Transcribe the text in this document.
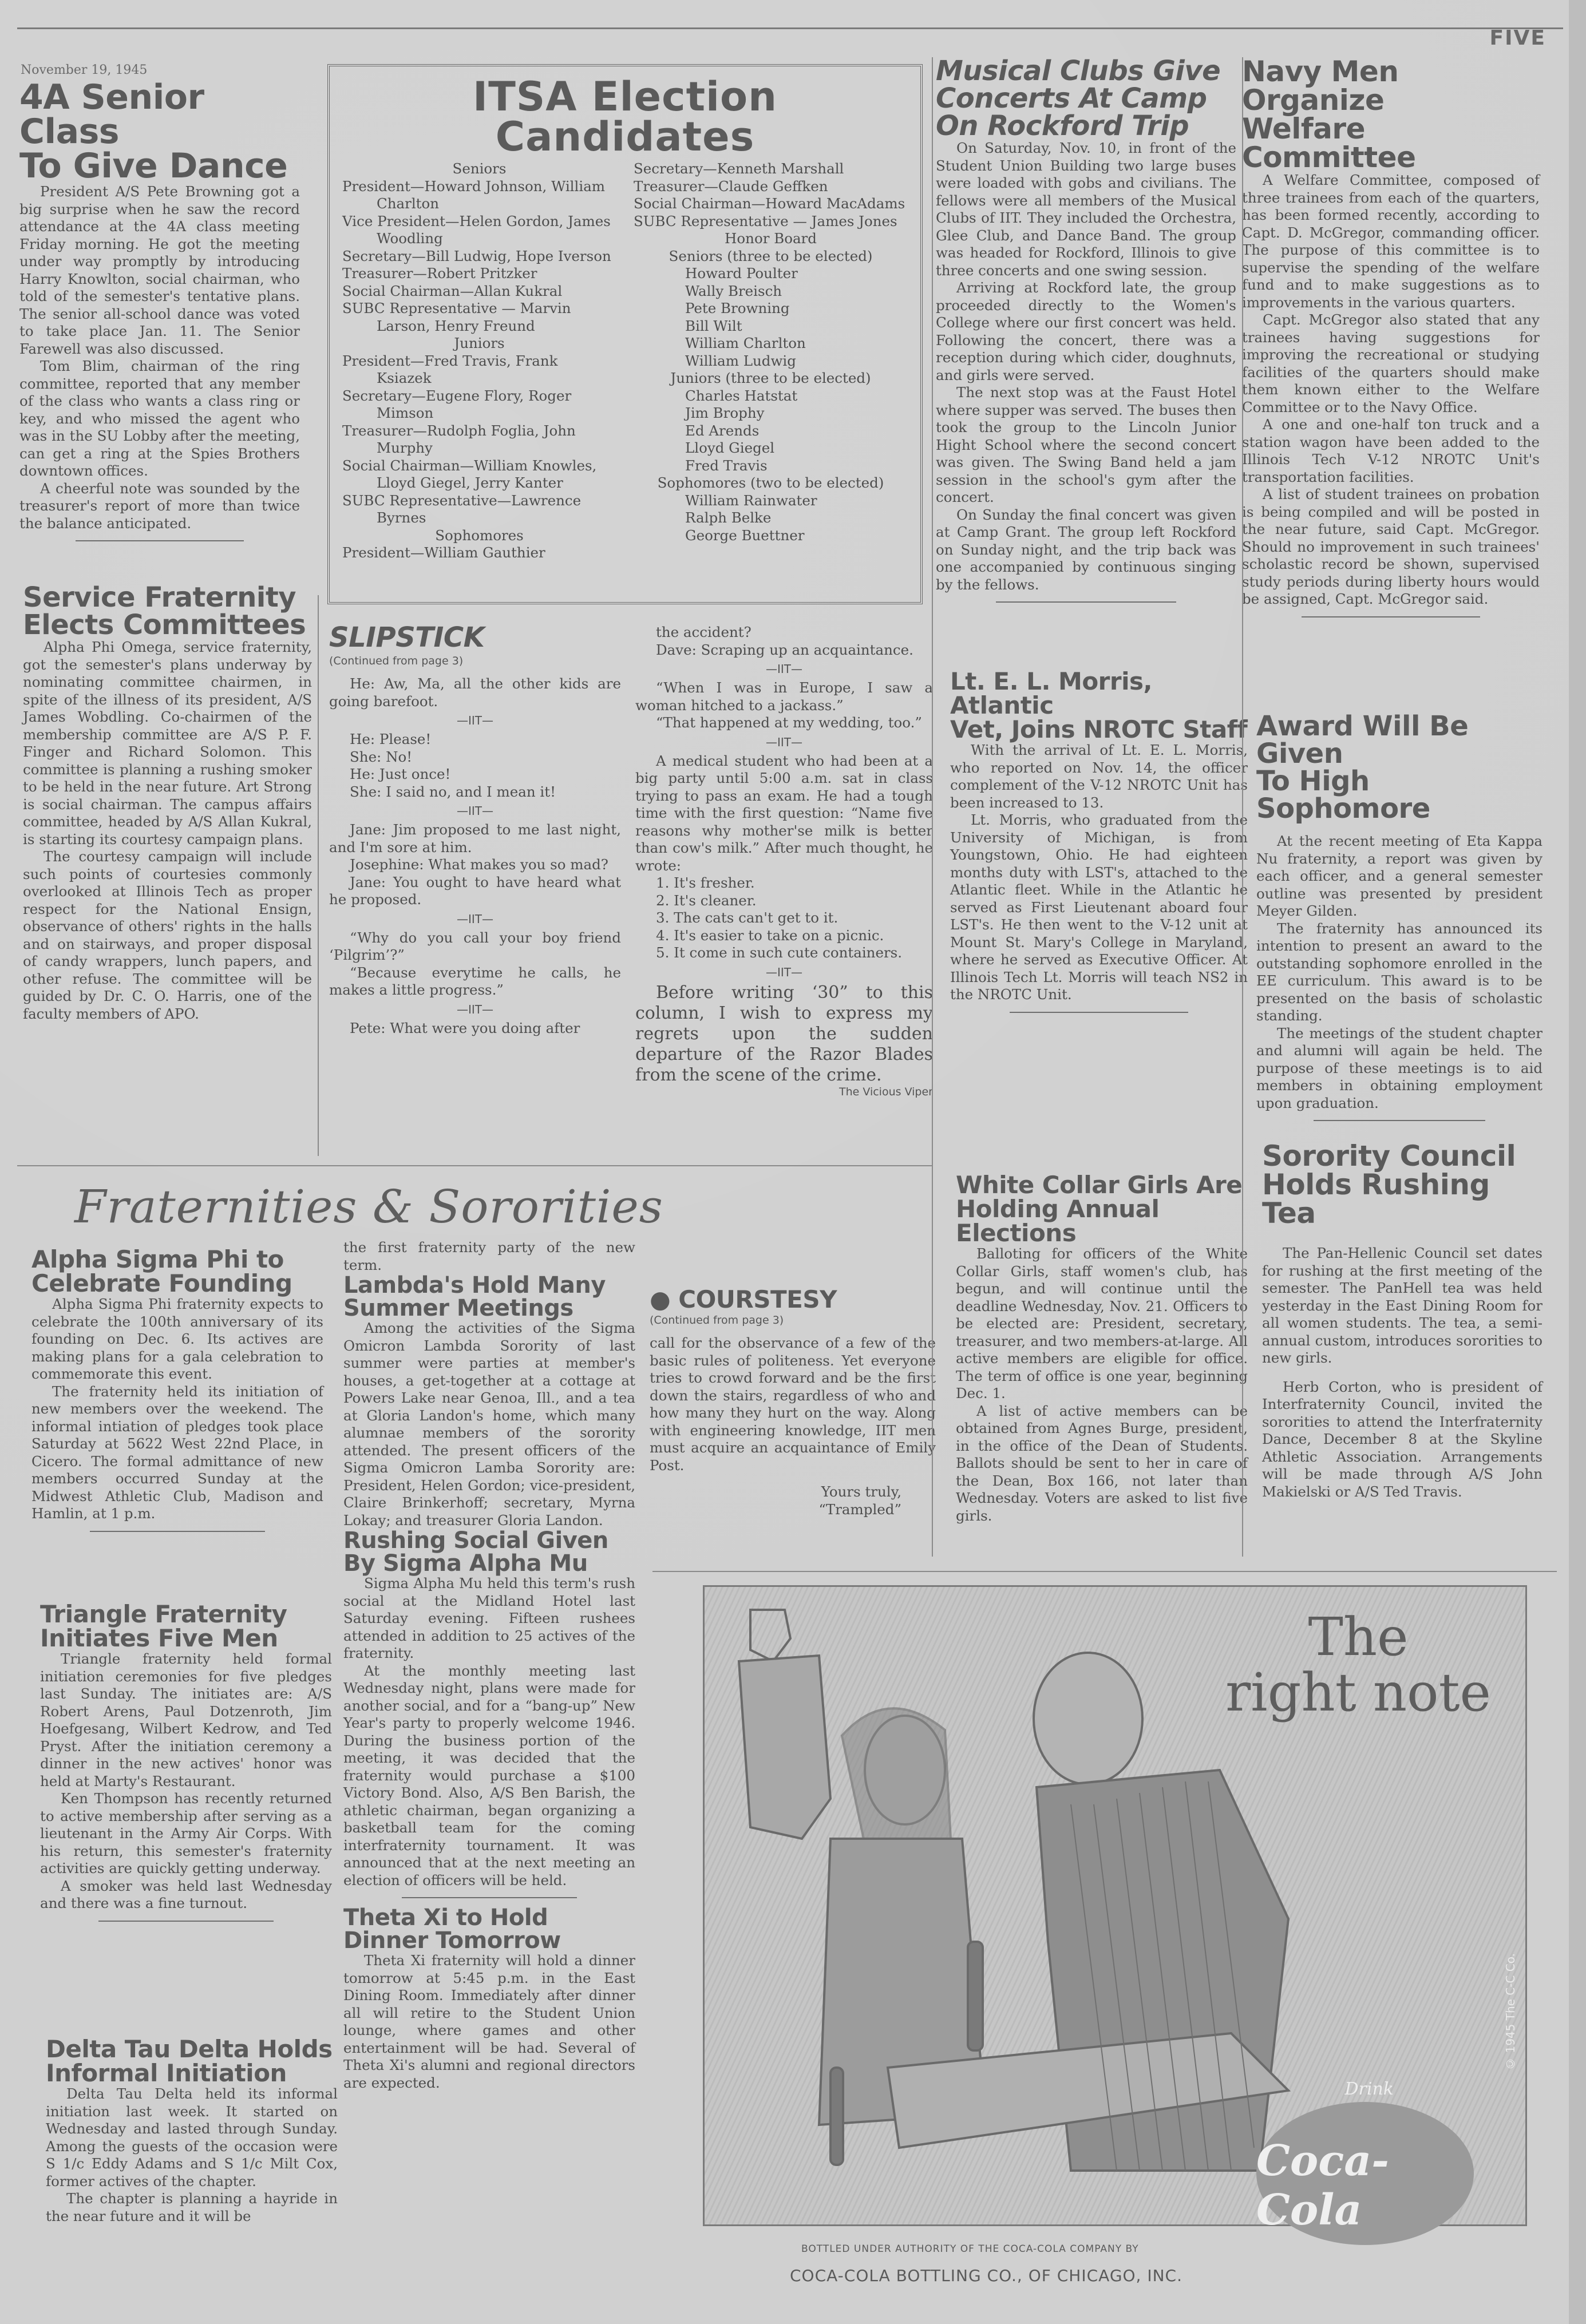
November 19, 1945
FIVE
4A Senior Class
To Give Dance

President A/S Pete Browning got a big surprise when he saw the record attendance at the 4A class meeting Friday morning. He got the meeting under way promptly by introducing Harry Knowlton, social chairman, who told of the semester's tentative plans. The senior all-school dance was voted to take place Jan. 11. The Senior Farewell was also discussed.

Tom Blim, chairman of the ring committee, reported that any member of the class who wants a class ring or key, and who missed the agent who was in the SU Lobby after the meeting, can get a ring at the Spies Brothers downtown offices.

A cheerful note was sounded by the treasurer's report of more than twice the balance anticipated.

Service Fraternity
Elects Committees

Alpha Phi Omega, service fraternity, got the semester's plans underway by nominating committee chairmen, in spite of the illness of its president, A/S James Wobdling. Co-chairmen of the membership committee are A/S P. F. Finger and Richard Solomon. This committee is planning a rushing smoker to be held in the near future. Art Strong is social chairman. The campus affairs committee, headed by A/S Allan Kukral, is starting its courtesy campaign plans.

The courtesy campaign will include such points of courtesies commonly overlooked at Illinois Tech as proper respect for the National Ensign, observance of others' rights in the halls and on stairways, and proper disposal of candy wrappers, lunch papers, and other refuse. The committee will be guided by Dr. C. O. Harris, one of the faculty members of APO.

ITSA Election Candidates
Seniors
President—Howard Johnson, William Charlton
Vice President—Helen Gordon, James Woodling
Secretary—Bill Ludwig, Hope Iverson
Treasurer—Robert Pritzker
Social Chairman—Allan Kukral
SUBC Representative — Marvin Larson, Henry Freund
Juniors
President—Fred Travis, Frank Ksiazek
Secretary—Eugene Flory, Roger Mimson
Treasurer—Rudolph Foglia, John Murphy
Social Chairman—William Knowles, Lloyd Giegel, Jerry Kanter
SUBC Representative—Lawrence Byrnes
Sophomores
President—William Gauthier
Secretary—Kenneth Marshall
Treasurer—Claude Geffken
Social Chairman—Howard MacAdams
SUBC Representative — James Jones
Honor Board
Seniors (three to be elected)
Howard Poulter
Wally Breisch
Pete Browning
Bill Wilt
William Charlton
William Ludwig
Juniors (three to be elected)
Charles Hatstat
Jim Brophy
Ed Arends
Lloyd Giegel
Fred Travis
Sophomores (two to be elected)
William Rainwater
Ralph Belke
George Buettner
SLIPSTICK
(Continued from page 3)

He: Aw, Ma, all the other kids are going barefoot.

—IIT—
He: Please!
She: No!
He: Just once!
She: I said no, and I mean it!
—IIT—

Jane: Jim proposed to me last night, and I'm sore at him.

Josephine: What makes you so mad?

Jane: You ought to have heard what he proposed.

—IIT—

“Why do you call your boy friend ‘Pilgrim’?”

“Because everytime he calls, he makes a little progress.”

—IIT—

Pete: What were you doing after

the accident?

Dave: Scraping up an acquaintance.

—IIT—

“When I was in Europe, I saw a woman hitched to a jackass.”

“That happened at my wedding, too.”

—IIT—

A medical student who had been at a big party until 5:00 a.m. sat in class trying to pass an exam. He had a tough time with the first question: “Name five reasons why mother'se milk is better than cow's milk.” After much thought, he wrote:

1. It's fresher.
2. It's cleaner.
3. The cats can't get to it.
4. It's easier to take on a picnic.

5. It come in such cute containers.

—IIT—

Before writing ‘30” to this column, I wish to express my regrets upon the sudden departure of the Razor Blades from the scene of the crime.

The Vicious Viper
● COURSTESY
(Continued from page 3)

call for the observance of a few of the basic rules of politeness. Yet everyone tries to crowd forward and be the first down the stairs, regardless of who and how many they hurt on the way. Along with engineering knowledge, IIT men must acquire an acquaintance of Emily Post.

Yours truly,
“Trampled”
Musical Clubs Give
Concerts At Camp
On Rockford Trip

On Saturday, Nov. 10, in front of the Student Union Building two large buses were loaded with gobs and civilians. The fellows were all members of the Musical Clubs of IIT. They included the Orchestra, Glee Club, and Dance Band. The group was headed for Rockford, Illinois to give three concerts and one swing session.

Arriving at Rockford late, the group proceeded directly to the Women's College where our first concert was held. Following the concert, there was a reception during which cider, doughnuts, and girls were served.

The next stop was at the Faust Hotel where supper was served. The buses then took the group to the Lincoln Junior Hight School where the second concert was given. The Swing Band held a jam session in the school's gym after the concert.

On Sunday the final concert was given at Camp Grant. The group left Rockford on Sunday night, and the trip back was one accompanied by continuous singing by the fellows.

Lt. E. L. Morris, Atlantic
Vet, Joins NROTC Staff

With the arrival of Lt. E. L. Morris, who reported on Nov. 14, the officer complement of the V-12 NROTC Unit has been increased to 13.

Lt. Morris, who graduated from the University of Michigan, is from Youngstown, Ohio. He had eighteen months duty with LST's, attached to the Atlantic fleet. While in the Atlantic he served as First Lieutenant aboard four LST's. He then went to the V-12 unit at Mount St. Mary's College in Maryland, where he served as Executive Officer. At Illinois Tech Lt. Morris will teach NS2 in the NROTC Unit.

White Collar Girls Are
Holding Annual Elections

Balloting for officers of the White Collar Girls, staff women's club, has begun, and will continue until the deadline Wednesday, Nov. 21. Officers to be elected are: President, secretary, treasurer, and two members-at-large. All active members are eligible for office. The term of office is one year, beginning Dec. 1.

A list of active members can be obtained from Agnes Burge, president, in the office of the Dean of Students. Ballots should be sent to her in care of the Dean, Box 166, not later than Wednesday. Voters are asked to list five girls.

Navy Men Organize
Welfare Committee

A Welfare Committee, composed of three trainees from each of the quarters, has been formed recently, according to Capt. D. McGregor, commanding officer. The purpose of this committee is to supervise the spending of the welfare fund and to make suggestions as to improvements in the various quarters.

Capt. McGregor also stated that any trainees having suggestions for improving the recreational or studying facilities of the quarters should make them known either to the Welfare Committee or to the Navy Office.

A one and one-half ton truck and a station wagon have been added to the Illinois Tech V-12 NROTC Unit's transportation facilities.

A list of student trainees on probation is being compiled and will be posted in the near future, said Capt. McGregor. Should no improvement in such trainees' scholastic record be shown, supervised study periods during liberty hours would be assigned, Capt. McGregor said.

Award Will Be Given
To High Sophomore

At the recent meeting of Eta Kappa Nu fraternity, a report was given by each officer, and a general semester outline was presented by president Meyer Gilden.

The fraternity has announced its intention to present an award to the outstanding sophomore enrolled in the EE curriculum. This award is to be presented on the basis of scholastic standing.

The meetings of the student chapter and alumni will again be held. The purpose of these meetings is to aid members in obtaining employment upon graduation.

Sorority Council
Holds Rushing Tea

The Pan-Hellenic Council set dates for rushing at the first meeting of the semester. The PanHell tea was held yesterday in the East Dining Room for all women students. The tea, a semi-annual custom, introduces sororities to new girls.

Herb Corton, who is president of Interfraternity Council, invited the sororities to attend the Interfraternity Dance, December 8 at the Skyline Athletic Association. Arrangements will be made through A/S John Makielski or A/S Ted Travis.

Fraternities & Sororities
Alpha Sigma Phi to
Celebrate Founding

Alpha Sigma Phi fraternity expects to celebrate the 100th anniversary of its founding on Dec. 6. Its actives are making plans for a gala celebration to commemorate this event.

The fraternity held its initiation of new members over the weekend. The informal intiation of pledges took place Saturday at 5622 West 22nd Place, in Cicero. The formal admittance of new members occurred Sunday at the Midwest Athletic Club, Madison and Hamlin, at 1 p.m.

Triangle Fraternity
Initiates Five Men

Triangle fraternity held formal initiation ceremonies for five pledges last Sunday. The initiates are: A/S Robert Arens, Paul Dotzenroth, Jim Hoefgesang, Wilbert Kedrow, and Ted Pryst. After the initiation ceremony a dinner in the new actives' honor was held at Marty's Restaurant.

Ken Thompson has recently returned to active membership after serving as a lieutenant in the Army Air Corps. With his return, this semester's fraternity activities are quickly getting underway.

A smoker was held last Wednesday and there was a fine turnout.

Delta Tau Delta Holds
Informal Initiation

Delta Tau Delta held its informal initiation last week. It started on Wednesday and lasted through Sunday. Among the guests of the occasion were S 1/c Eddy Adams and S 1/c Milt Cox, former actives of the chapter.

The chapter is planning a hayride in the near future and it will be

the first fraternity party of the new term.

Lambda's Hold Many
Summer Meetings

Among the activities of the Sigma Omicron Lambda Sorority of last summer were parties at member's houses, a get-together at a cottage at Powers Lake near Genoa, Ill., and a tea at Gloria Landon's home, which many alumnae members of the sorority attended. The present officers of the Sigma Omicron Lamba Sorority are: President, Helen Gordon; vice-president, Claire Brinkerhoff; secretary, Myrna Lokay; and treasurer Gloria Landon.

Rushing Social Given
By Sigma Alpha Mu

Sigma Alpha Mu held this term's rush social at the Midland Hotel last Saturday evening. Fifteen rushees attended in addition to 25 actives of the fraternity.

At the monthly meeting last Wednesday night, plans were made for another social, and for a “bang-up” New Year's party to properly welcome 1946. During the business portion of the meeting, it was decided that the fraternity would purchase a $100 Victory Bond. Also, A/S Ben Barish, the athletic chairman, began organizing a basketball team for the coming interfraternity tournament. It was announced that at the next meeting an election of officers will be held.

Theta Xi to Hold
Dinner Tomorrow

Theta Xi fraternity will hold a dinner tomorrow at 5:45 p.m. in the East Dining Room. Immediately after dinner all will retire to the Student Union lounge, where games and other entertainment will be had. Several of Theta Xi's alumni and regional directors are expected.

The
right note
Coca-Cola
Drink
© 1945 The C-C Co.
BOTTLED UNDER AUTHORITY OF THE COCA-COLA COMPANY BY
COCA-COLA BOTTLING CO., OF CHICAGO, INC.
